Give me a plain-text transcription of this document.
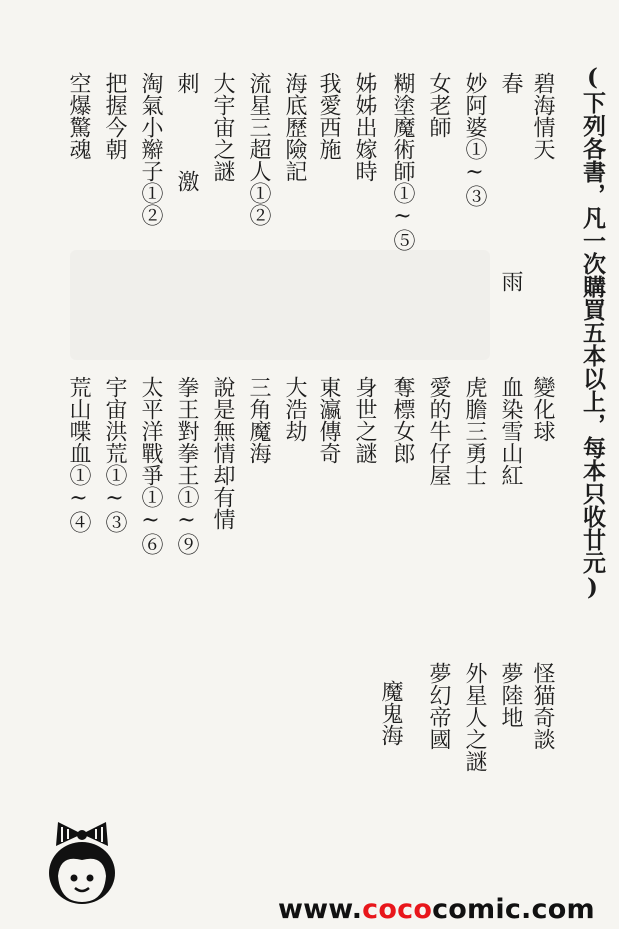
(下列各書，凡一次購買五本以上，每本只收廿元)
碧海情天
變化球
怪猫奇談
春雨
血染雪山紅
夢陸地
妙阿婆①~③
虎膽三勇士
外星人之謎
女老師
愛的牛仔屋
夢幻帝國
糊塗魔術師①~⑤
奪標女郎
魔鬼海
姊姊出嫁時
身世之謎
我愛西施
東瀛傳奇
海底歷險記
大浩劫
流星三超人①②
三角魔海
大宇宙之謎
說是無情却有情
刺激
拳王對拳王①~⑨
淘氣小辮子①②
太平洋戰爭①~⑥
把握今朝
宇宙洪荒①~③
空爆驚魂
荒山喋血①~④
www.cococomic.com
